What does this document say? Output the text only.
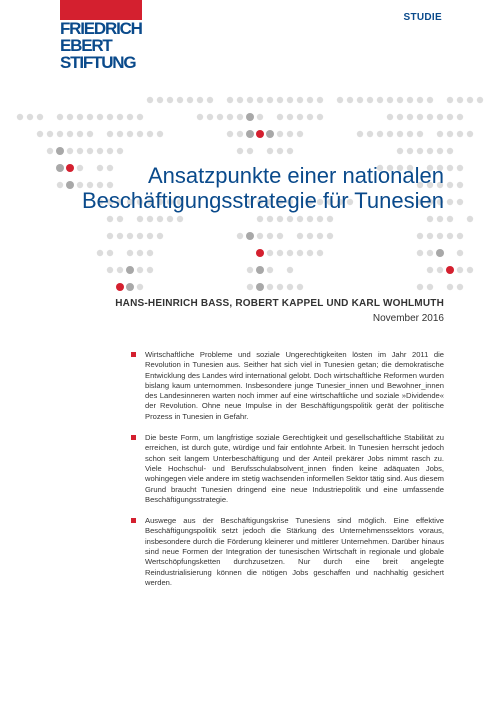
FRIEDRICH
EBERT
STIFTUNG
STUDIE
Ansatzpunkte einer nationalen
Beschäftigungsstrategie für Tunesien
HANS-HEINRICH BASS, ROBERT KAPPEL UND KARL WOHLMUTH
November 2016
Wirtschaftliche Probleme und soziale Ungerechtigkeiten lösten im Jahr 2011 die Revolution in Tunesien aus. Seither hat sich viel in Tunesien getan; die demokratische Entwicklung des Landes wird international gelobt. Doch wirtschaftliche Reformen wurden bislang kaum unternommen. Insbesondere junge Tunesier_innen und Bewohner_innen des Landesinneren warten noch immer auf eine wirtschaftliche und soziale »Dividende« der Revolution. Ohne neue Impulse in der Beschäftigungspolitik gerät der politische Prozess in Tunesien in Gefahr.
Die beste Form, um langfristige soziale Gerechtigkeit und gesellschaftliche Stabilität zu erreichen, ist durch gute, würdige und fair entlohnte Arbeit. In Tunesien herrscht jedoch schon seit langem Unterbeschäftigung und der Anteil prekärer Jobs nimmt rasch zu. Viele Hochschul- und Berufsschulabsolvent_innen finden keine adäquaten Jobs, wohingegen viele andere im stetig wachsenden informellen Sektor tätig sind. Aus diesem Grund braucht Tunesien dringend eine neue Industriepolitik und eine umfassende Beschäftigungsstrategie.
Auswege aus der Beschäftigungskrise Tunesiens sind möglich. Eine effektive Beschäftigungspolitik setzt jedoch die Stärkung des Unternehmenssektors voraus, insbesondere durch die Förderung kleinerer und mittlerer Unternehmen. Darüber hinaus sind neue Formen der Integration der tunesischen Wirtschaft in regionale und globale Wertschöpfungsketten durchzusetzen. Nur durch eine breit angelegte Reindustrialisierung können die nötigen Jobs geschaffen und nachhaltig gesichert werden.
